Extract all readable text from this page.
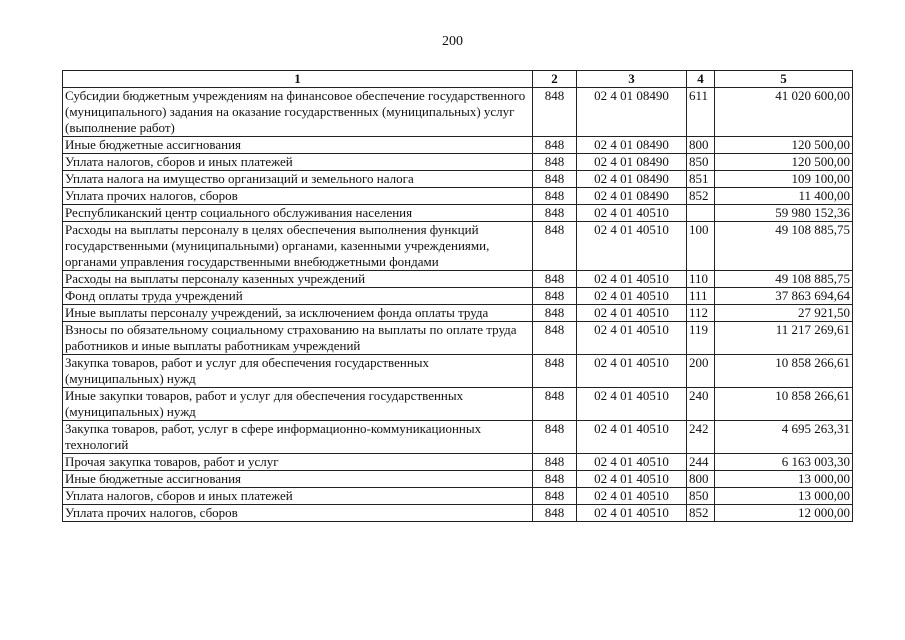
200
1	2	3	4	5
Субсидии бюджетным учреждениям на финансовое обеспечение государственного (муниципального) задания на оказание государственных (муниципальных) услуг (выполнение работ)	848	02 4 01 08490	611	41 020 600,00
Иные бюджетные ассигнования	848	02 4 01 08490	800	120 500,00
Уплата налогов, сборов и иных платежей	848	02 4 01 08490	850	120 500,00
Уплата налога на имущество организаций и земельного налога	848	02 4 01 08490	851	109 100,00
Уплата прочих налогов, сборов	848	02 4 01 08490	852	11 400,00
Республиканский центр социального обслуживания населения	848	02 4 01 40510		59 980 152,36
Расходы на выплаты персоналу в целях обеспечения выполнения функций государственными (муниципальными) органами, казенными учреждениями, органами управления государственными внебюджетными фондами	848	02 4 01 40510	100	49 108 885,75
Расходы на выплаты персоналу казенных учреждений	848	02 4 01 40510	110	49 108 885,75
Фонд оплаты труда учреждений	848	02 4 01 40510	111	37 863 694,64
Иные выплаты персоналу учреждений, за исключением фонда оплаты труда	848	02 4 01 40510	112	27 921,50
Взносы по обязательному социальному страхованию на выплаты по оплате труда работников и иные выплаты работникам учреждений	848	02 4 01 40510	119	11 217 269,61
Закупка товаров, работ и услуг для обеспечения государственных (муниципальных) нужд	848	02 4 01 40510	200	10 858 266,61
Иные закупки товаров, работ и услуг для обеспечения государственных (муниципальных) нужд	848	02 4 01 40510	240	10 858 266,61
Закупка товаров, работ, услуг в сфере информационно-коммуникационных технологий	848	02 4 01 40510	242	4 695 263,31
Прочая закупка товаров, работ и услуг	848	02 4 01 40510	244	6 163 003,30
Иные бюджетные ассигнования	848	02 4 01 40510	800	13 000,00
Уплата налогов, сборов и иных платежей	848	02 4 01 40510	850	13 000,00
Уплата прочих налогов, сборов	848	02 4 01 40510	852	12 000,00
